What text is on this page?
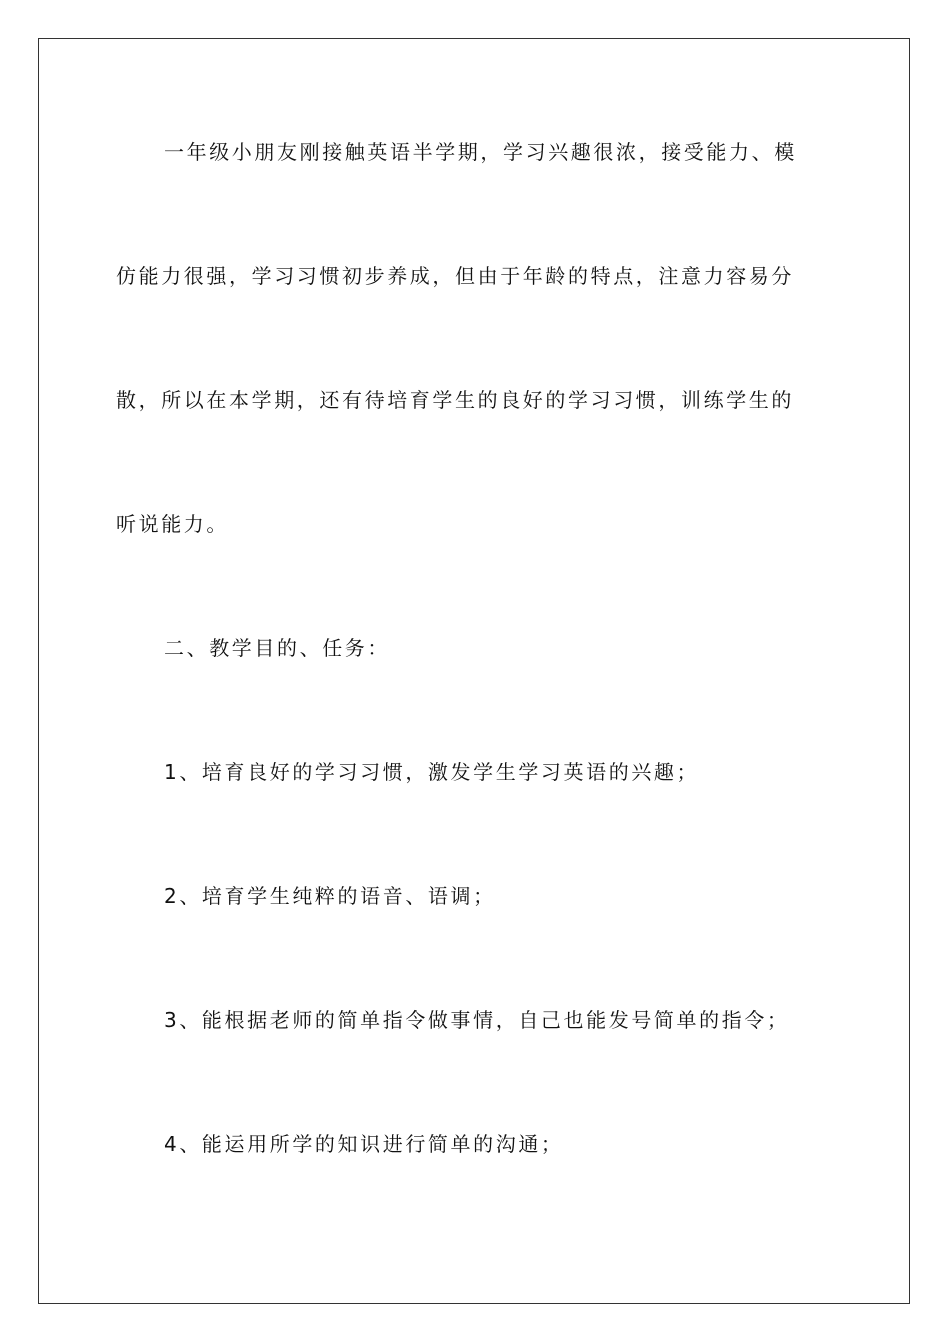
一年级小朋友刚接触英语半学期，学习兴趣很浓，接受能力、模
仿能力很强，学习习惯初步养成，但由于年龄的特点，注意力容易分
散，所以在本学期，还有待培育学生的良好的学习习惯，训练学生的
听说能力。
二、教学目的、任务：
1、培育良好的学习习惯，激发学生学习英语的兴趣；
2、培育学生纯粹的语音、语调；
3、能根据老师的简单指令做事情，自己也能发号简单的指令；
4、能运用所学的知识进行简单的沟通；
